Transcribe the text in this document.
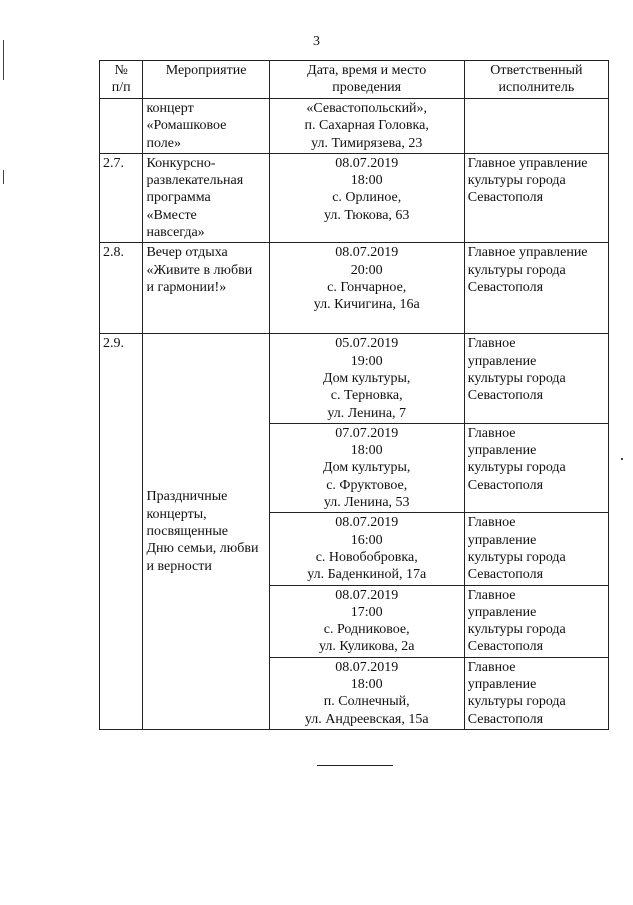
3
№
п/п	Мероприятие	Дата, время и место
проведения	Ответственный
исполнитель

	концерт
«Ромашковое
поле»	«Севастопольский»,
п. Сахарная Головка,
ул. Тимирязева, 23	

2.7.	Конкурсно-
развлекательная
программа
«Вместе
навсегда»	08.07.2019
18:00
с. Орлиное,
ул. Тюкова, 63	Главное управление
культуры города
Севастополя

2.8.	Вечер отдыха
«Живите в любви
и гармонии!»	08.07.2019
20:00
с. Гончарное,
ул. Кичигина, 16а	Главное управление
культуры города
Севастополя

2.9.	Праздничные
концерты,
посвященные
Дню семьи, любви
и верности	05.07.2019
19:00
Дом культуры,
с. Терновка,
ул. Ленина, 7	Главное
управление
культуры города
Севастополя

		07.07.2019
18:00
Дом культуры,
с. Фруктовое,
ул. Ленина, 53	Главное
управление
культуры города
Севастополя

		08.07.2019
16:00
с. Новобобровка,
ул. Баденкиной, 17а	Главное
управление
культуры города
Севастополя

		08.07.2019
17:00
с. Родниковое,
ул. Куликова, 2а	Главное
управление
культуры города
Севастополя

		08.07.2019
18:00
п. Солнечный,
ул. Андреевская, 15а	Главное
управление
культуры города
Севастополя
